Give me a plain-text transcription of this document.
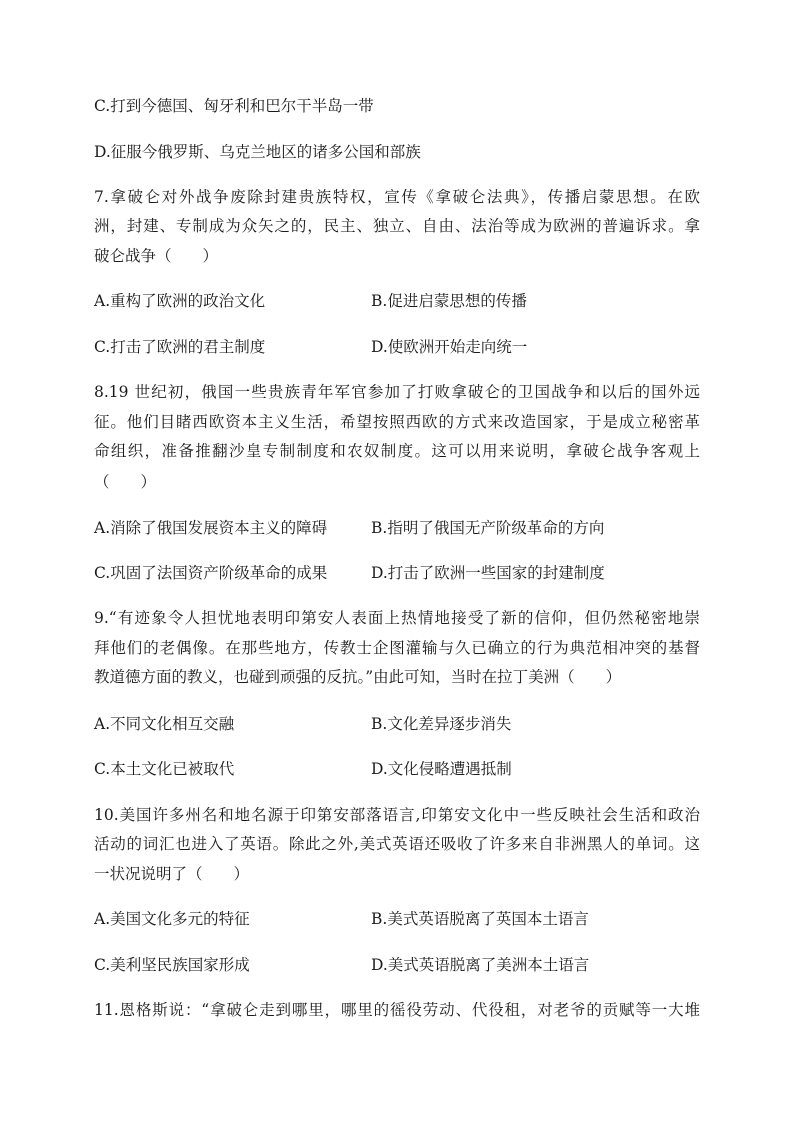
C.打到今德国、匈牙利和巴尔干半岛一带
D.征服今俄罗斯、乌克兰地区的诸多公国和部族
7.拿破仑对外战争废除封建贵族特权，宣传《拿破仑法典》，传播启蒙思想。在欧
洲，封建、专制成为众矢之的，民主、独立、自由、法治等成为欧洲的普遍诉求。拿
破仑战争（　　）
A.重构了欧洲的政治文化	B.促进启蒙思想的传播
C.打击了欧洲的君主制度	D.使欧洲开始走向统一
8.19 世纪初，俄国一些贵族青年军官参加了打败拿破仑的卫国战争和以后的国外远
征。他们目睹西欧资本主义生活，希望按照西欧的方式来改造国家，于是成立秘密革
命组织，准备推翻沙皇专制制度和农奴制度。这可以用来说明，拿破仑战争客观上
（　　）
A.消除了俄国发展资本主义的障碍	B.指明了俄国无产阶级革命的方向
C.巩固了法国资产阶级革命的成果	D.打击了欧洲一些国家的封建制度
9.“有迹象令人担忧地表明印第安人表面上热情地接受了新的信仰，但仍然秘密地崇
拜他们的老偶像。在那些地方，传教士企图灌输与久已确立的行为典范相冲突的基督
教道德方面的教义，也碰到顽强的反抗。”由此可知，当时在拉丁美洲（　　）
A.不同文化相互交融	B.文化差异逐步消失
C.本土文化已被取代	D.文化侵略遭遇抵制
10.美国许多州名和地名源于印第安部落语言,印第安文化中一些反映社会生活和政治
活动的词汇也进入了英语。除此之外,美式英语还吸收了许多来自非洲黑人的单词。这
一状况说明了（　　）
A.美国文化多元的特征	B.美式英语脱离了英国本土语言
C.美利坚民族国家形成	D.美式英语脱离了美洲本土语言
11.恩格斯说：“拿破仑走到哪里，哪里的徭役劳动、代役租，对老爷的贡赋等一大堆
